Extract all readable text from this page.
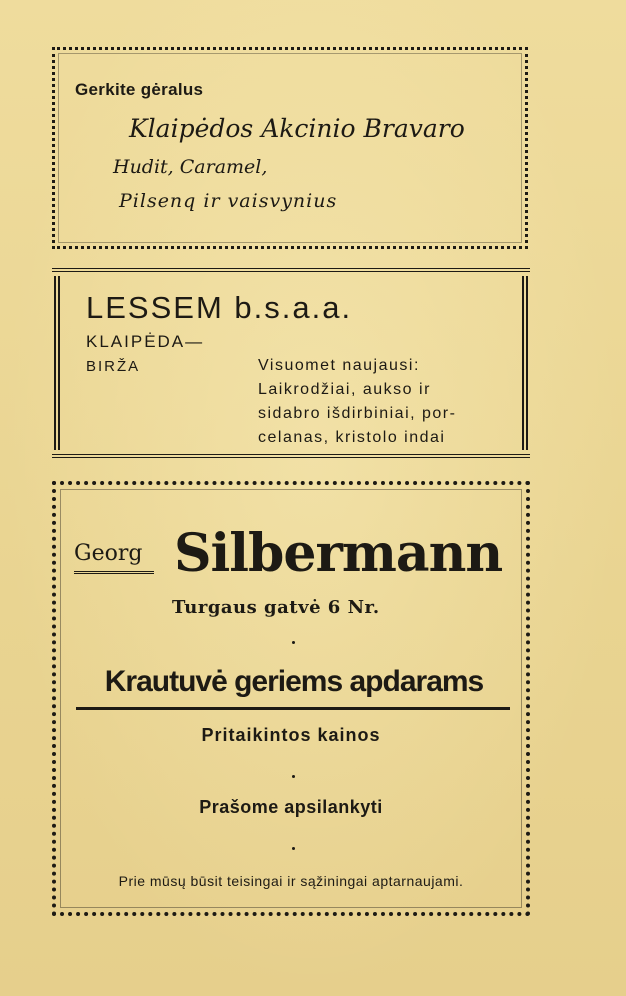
Gerkite gėralus
Klaipėdos Akcinio Bravaro
Hudit, Caramel,
Pilsenq ir vaisvynius
LESSEM b.s.a.a.
KLAIPĖDA—
BIRŽA	Visuomet naujausi:
Laikrodžiai, aukso ir
sidabro išdirbiniai, por-
celanas, kristolo indai
Georg Silbermann
Turgaus gatvė 6 Nr.
Krautuvė geriems apdarams
Pritaikintos kainos
Prašome apsilankyti
Prie mūsų būsit teisingai ir sąžiningai aptarnaujami.
